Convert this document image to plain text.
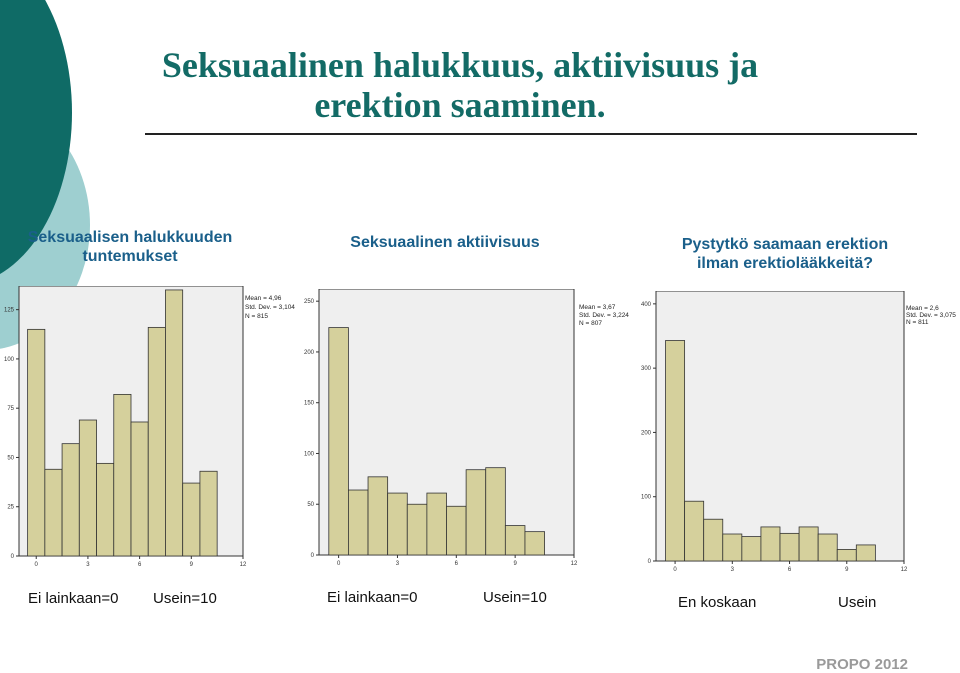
Seksuaalinen halukkuus, aktiivisuus ja
erektion saaminen.
Seksuaalisen halukkuuden
tuntemukset
Seksuaalinen aktiivisuus	Pystytkö saamaan erektion
ilman erektiolääkkeitä?
0
25
50
75
100
125
0	3	6	9	12
Mean = 4,96
Std. Dev. = 3,104
N = 815
0
50
100
150
200
250
0	3	6	9	12
Mean = 3,67
Std. Dev. = 3,224
N = 807
0
100
200
300
400
0	3	6	9	12
Mean = 2,6
Std. Dev. = 3,075
N = 811
Ei lainkaan=0 Usein=10	Ei lainkaan=0	Usein=10	En koskaan	Usein
PROPO 2012
